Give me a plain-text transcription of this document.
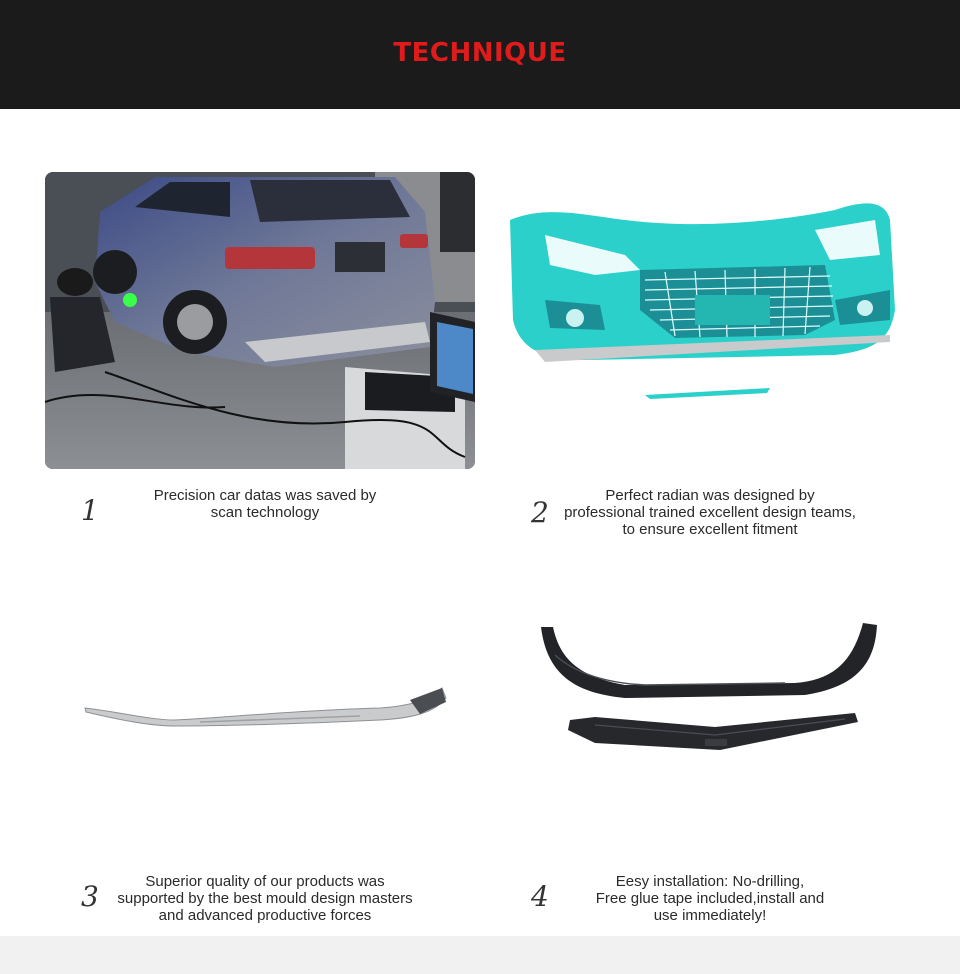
TECHNIQUE
1	Precision car datas was saved by
scan technology	2
Perfect radian was designed by
professional trained excellent design teams,
to ensure excellent fitment
3	Superior quality of our products was
supported by the best mould design masters
and advanced productive forces
4	Eesy installation: No-drilling,
Free glue tape included,install and
use immediately!
